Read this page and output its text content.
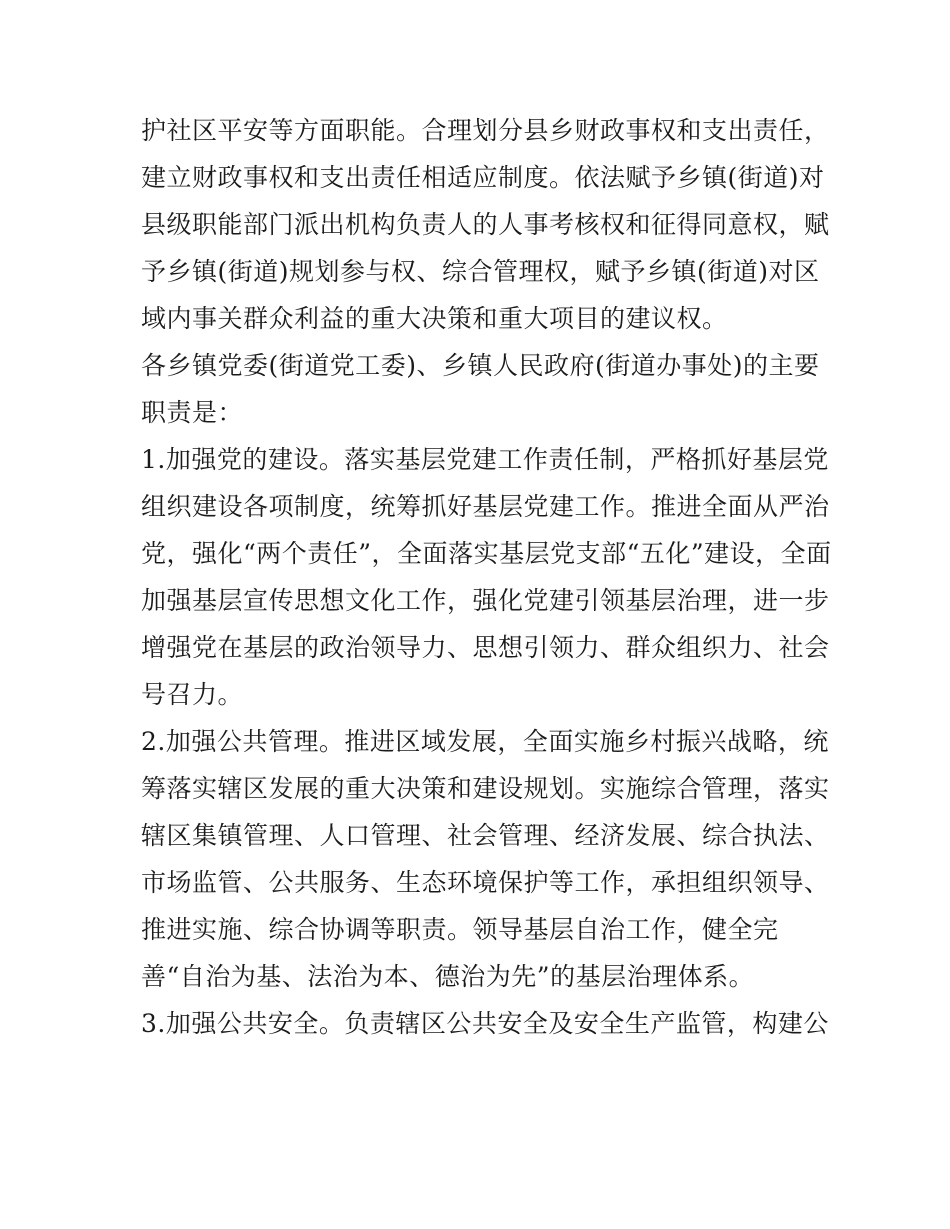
护社区平安等方面职能。合理划分县乡财政事权和支出责任，
建立财政事权和支出责任相适应制度。依法赋予乡镇(街道)对
县级职能部门派出机构负责人的人事考核权和征得同意权，赋
予乡镇(街道)规划参与权、综合管理权，赋予乡镇(街道)对区
域内事关群众利益的重大决策和重大项目的建议权。
各乡镇党委(街道党工委)、乡镇人民政府(街道办事处)的主要
职责是：
1.加强党的建设。落实基层党建工作责任制，严格抓好基层党
组织建设各项制度，统筹抓好基层党建工作。推进全面从严治
党，强化“两个责任”，全面落实基层党支部“五化”建设，全面
加强基层宣传思想文化工作，强化党建引领基层治理，进一步
增强党在基层的政治领导力、思想引领力、群众组织力、社会
号召力。
2.加强公共管理。推进区域发展，全面实施乡村振兴战略，统
筹落实辖区发展的重大决策和建设规划。实施综合管理，落实
辖区集镇管理、人口管理、社会管理、经济发展、综合执法、
市场监管、公共服务、生态环境保护等工作，承担组织领导、
推进实施、综合协调等职责。领导基层自治工作，健全完
善“自治为基、法治为本、德治为先”的基层治理体系。
3.加强公共安全。负责辖区公共安全及安全生产监管，构建公
